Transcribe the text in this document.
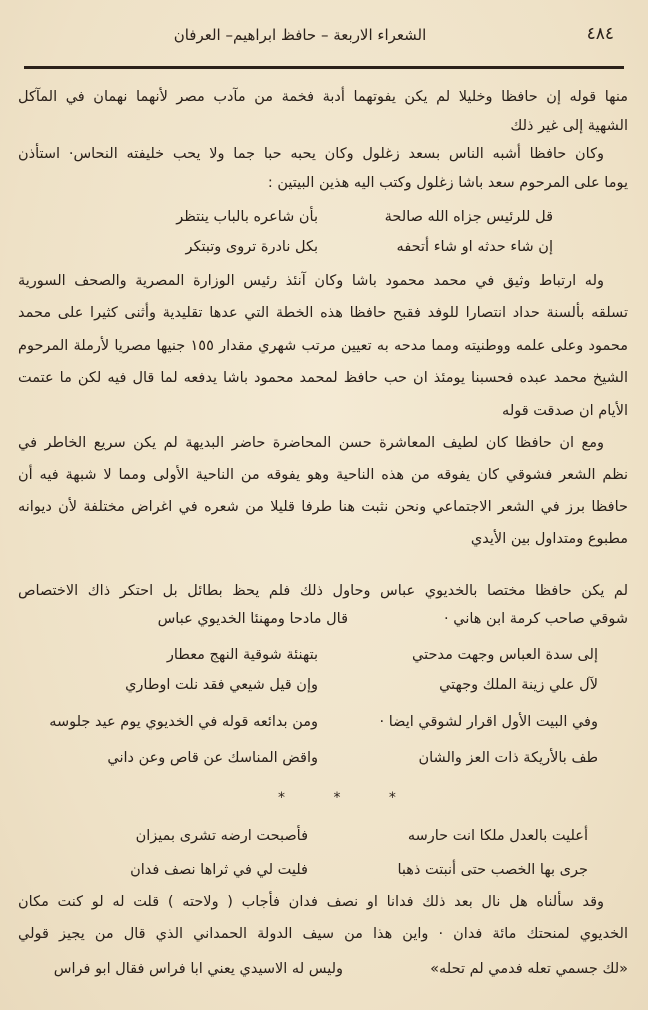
٤٨٤
الشعراء الاربعة – حافظ ابراهيم– العرفان
منها قوله إن حافظا وخليلا لم يكن يفوتهما أدبة فخمة من مآدب مصر لأنهما نهمان في المآكل
الشهية إلى غير ذلك
وكان حافظا أشبه الناس بسعد زغلول وكان يحبه حبا جما ولا يحب خليفته النحاس· استأذن
يوما على المرحوم سعد باشا زغلول وكتب اليه هذين البيتين :
قل للرئيس جزاه الله صالحة
بأن شاعره بالباب ينتظر
إن شاء حدثه او شاء أتحفه
بكل نادرة تروى وتبتكر
وله ارتباط وثيق في محمد محمود باشا وكان آنئذ رئيس الوزارة المصرية والصحف السورية
تسلقه بألسنة حداد انتصارا للوفد فقبح حافظا هذه الخطة التي عدها تقليدية وأثنى كثيرا على محمد
محمود وعلى علمه ووطنيته ومما مدحه به تعيين مرتب شهري مقدار ١٥٥ جنيها مصريا لأرملة المرحوم
الشيخ محمد عبده فحسبنا يومئذ ان حب حافظ لمحمد محمود باشا يدفعه لما قال فيه لكن ما عتمت
الأيام ان صدقت قوله
ومع ان حافظا كان لطيف المعاشرة حسن المحاضرة حاضر البديهة لم يكن سريع الخاطر في
نظم الشعر فشوقي كان يفوقه من هذه الناحية وهو يفوقه من الناحية الأولى ومما لا شبهة فيه أن
حافظا برز في الشعر الاجتماعي ونحن نثبت هنا طرفا قليلا من شعره في اغراض مختلفة لأن ديوانه
مطبوع ومتداول بين الأيدي
لم يكن حافظا مختصا بالخديوي عباس وحاول ذلك فلم يحظ بطائل بل احتكر ذاك الاختصاص
شوقي صاحب كرمة ابن هاني ·
قال مادحا ومهنئا الخديوي عباس
إلى سدة العباس وجهت مدحتي
بتهنئة شوقية النهج معطار
لآل علي زينة الملك وجهتي
وإن قيل شيعي فقد نلت اوطاري
وفي البيت الأول اقرار لشوقي ايضا ·
ومن بدائعه قوله في الخديوي يوم عيد جلوسه
طف بالأريكة ذات العز والشان
واقض المناسك عن قاص وعن داني
* * *
أعليت بالعدل ملكا انت حارسه
فأصبحت ارضه تشرى بميزان
جرى بها الخصب حتى أنبتت ذهبا
فليت لي في ثراها نصف فدان
وقد سألناه هل نال بعد ذلك فدانا او نصف فدان فأجاب ( ولاحته ) قلت له لو كنت مكان
الخديوي لمنحتك مائة فدان · واين هذا من سيف الدولة الحمداني الذي قال من يجيز قولي
«لك جسمي تعله فدمي لم تحله»
وليس له الاسيدي يعني ابا فراس فقال ابو فراس
